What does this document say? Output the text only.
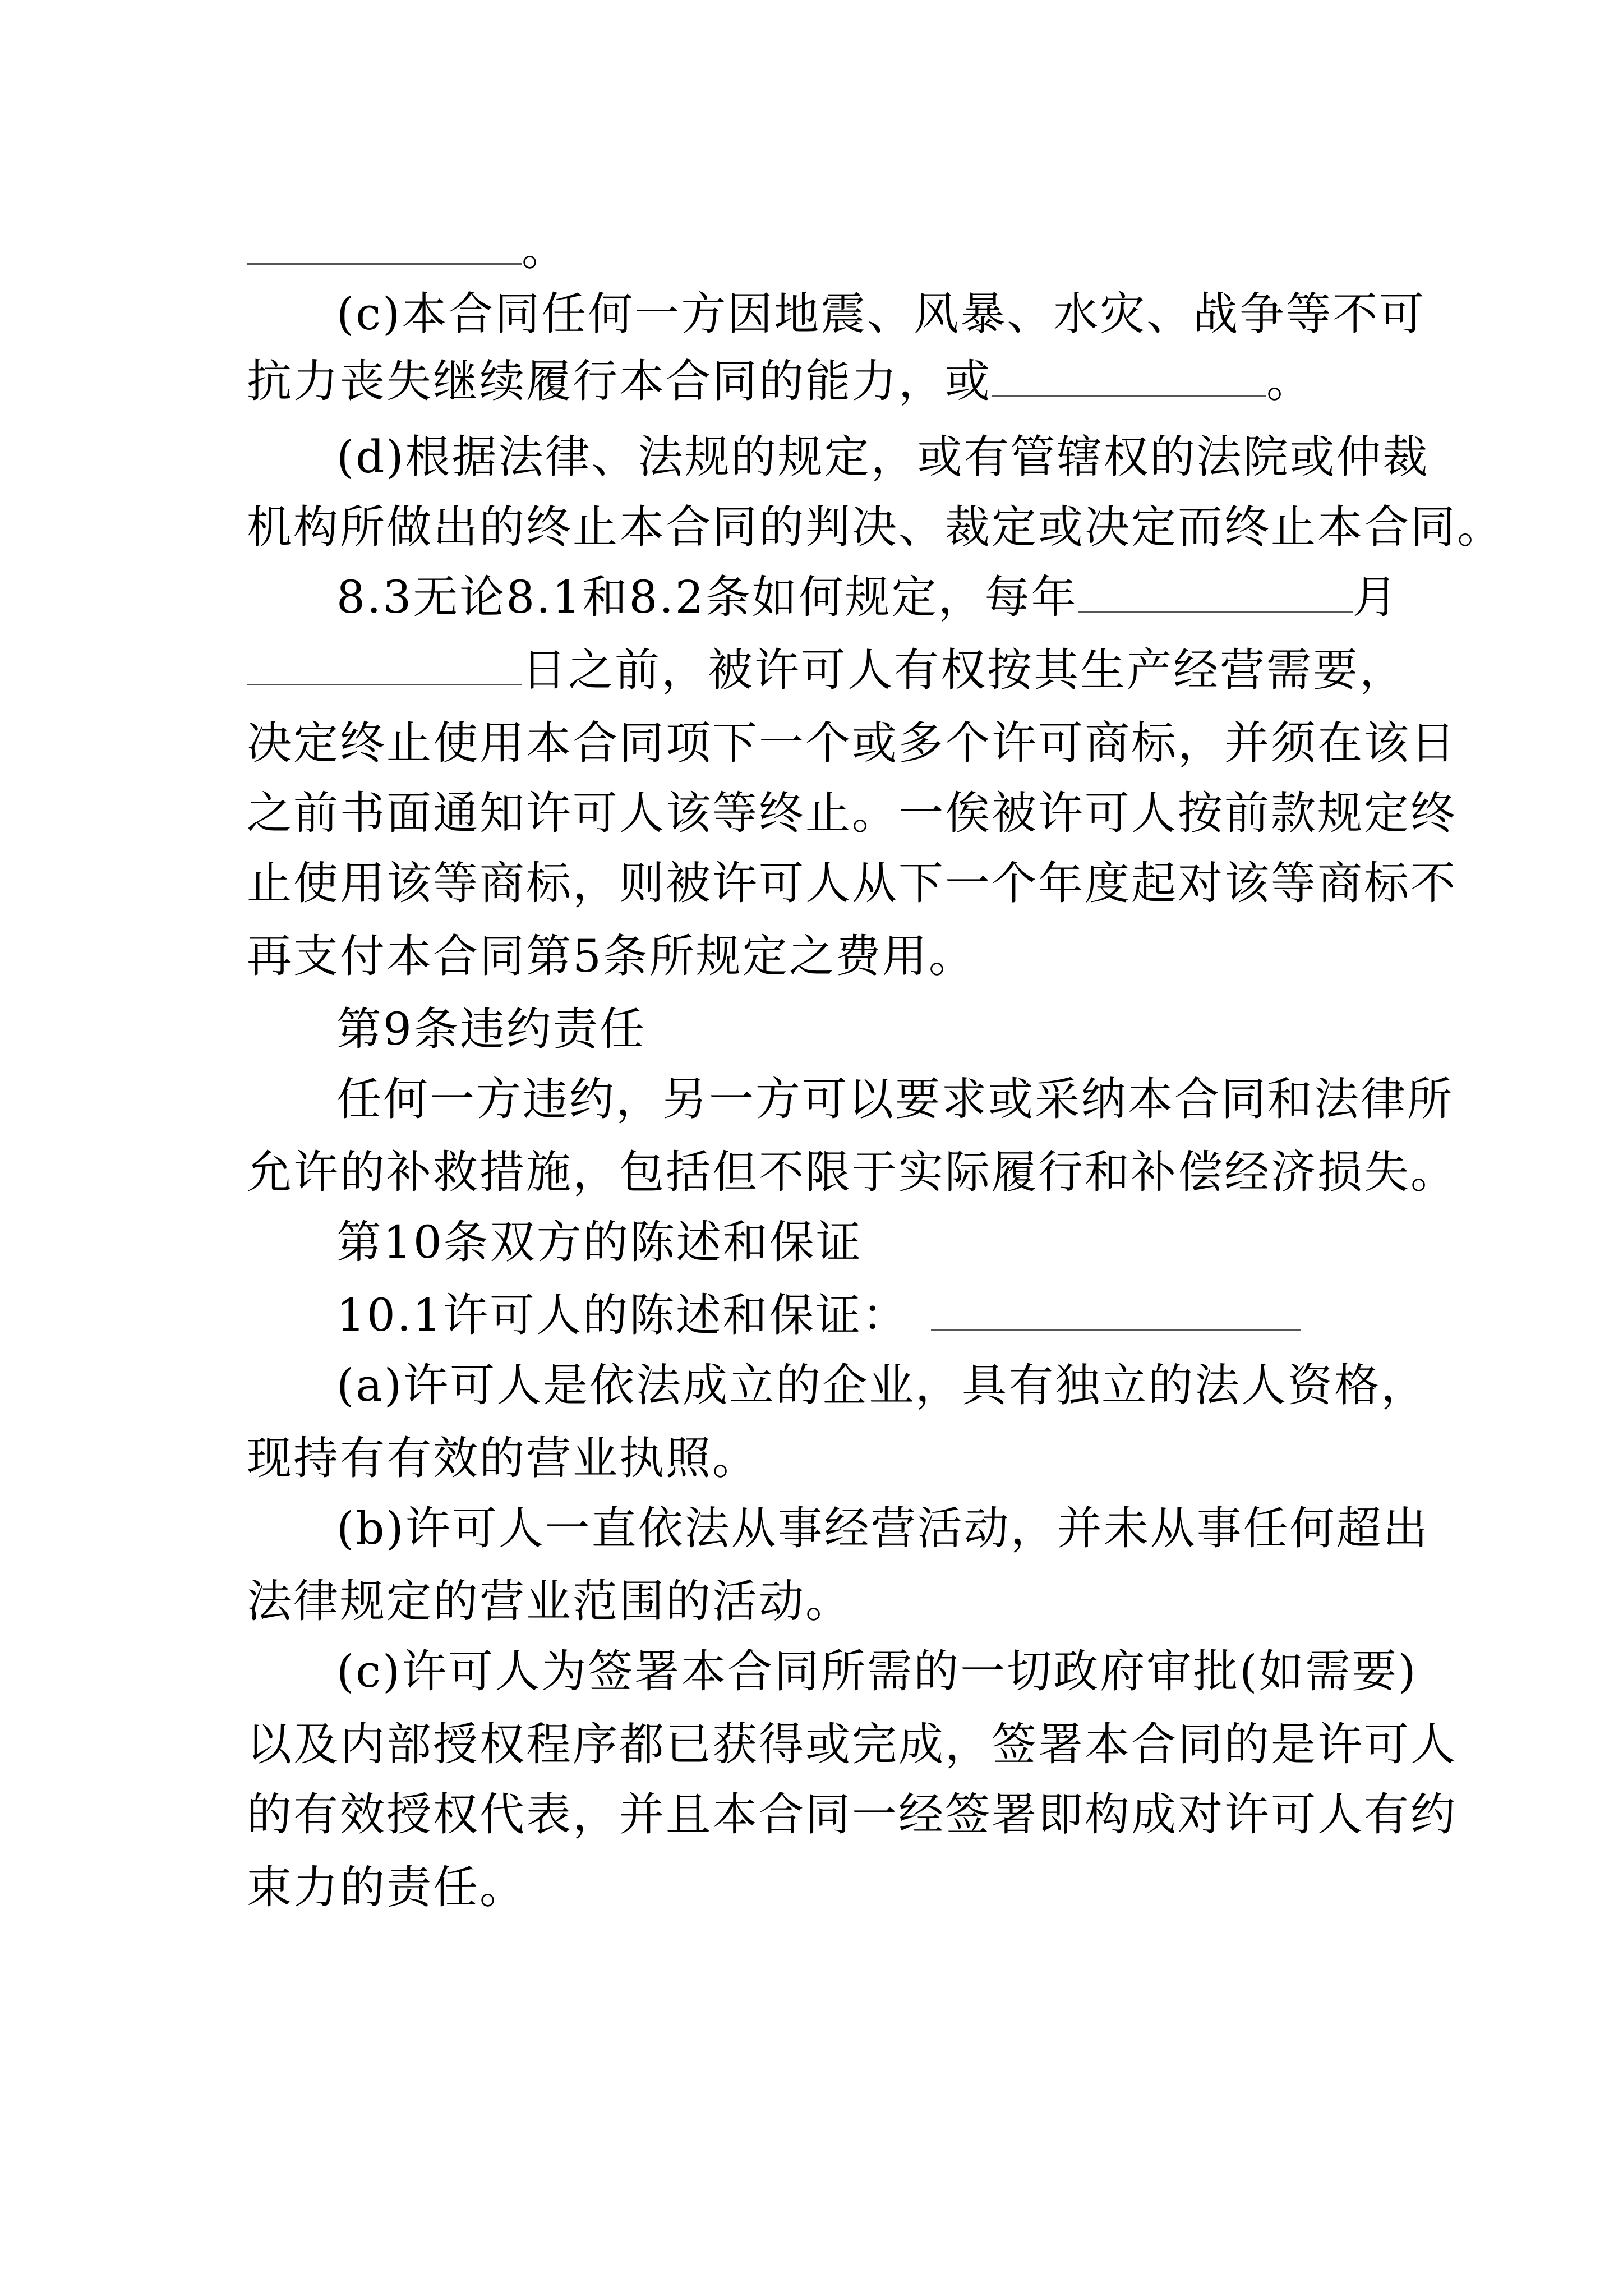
。
(c)本合同任何一方因地震、风暴、水灾、战争等不可
抗力丧失继续履行本合同的能力，或	。
(d)根据法律、法规的规定，或有管辖权的法院或仲裁
机构所做出的终止本合同的判决、裁定或决定而终止本合同。
8.3无论8.1和8.2条如何规定，每年	月
日之前，被许可人有权按其生产经营需要，
决定终止使用本合同项下一个或多个许可商标，并须在该日
之前书面通知许可人该等终止。一俟被许可人按前款规定终
止使用该等商标，则被许可人从下一个年度起对该等商标不
再支付本合同第5条所规定之费用。
第9条违约责任
任何一方违约，另一方可以要求或采纳本合同和法律所
允许的补救措施，包括但不限于实际履行和补偿经济损失。
第10条双方的陈述和保证
10.1许可人的陈述和保证：
(a)许可人是依法成立的企业，具有独立的法人资格，
现持有有效的营业执照。
(b)许可人一直依法从事经营活动，并未从事任何超出
法律规定的营业范围的活动。
(c)许可人为签署本合同所需的一切政府审批(如需要)
以及内部授权程序都已获得或完成，签署本合同的是许可人
的有效授权代表，并且本合同一经签署即构成对许可人有约
束力的责任。
